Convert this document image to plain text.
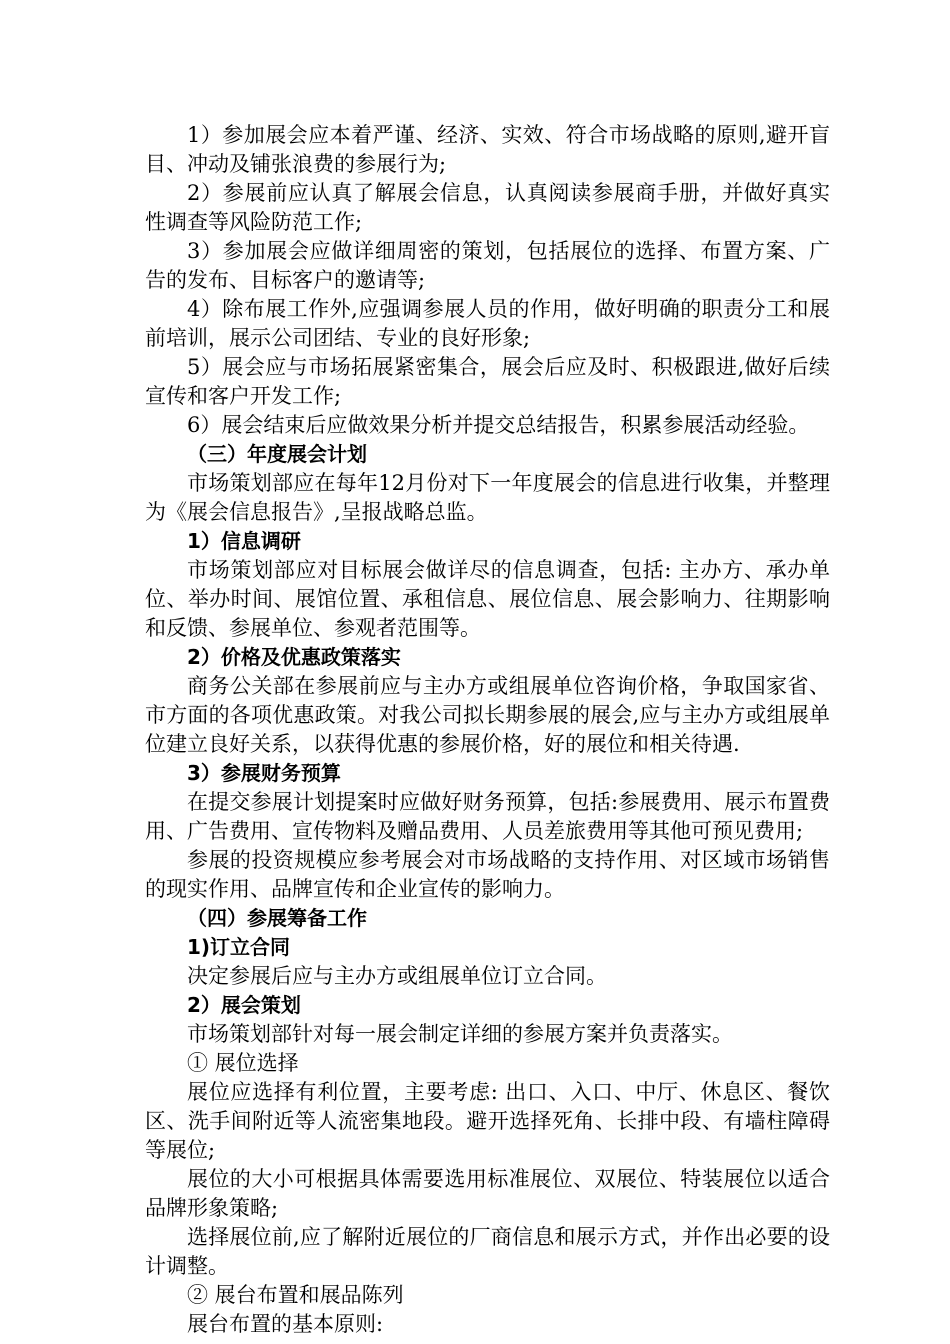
1）参加展会应本着严谨、经济、实效、符合市场战略的原则,避开盲目、冲动及铺张浪费的参展行为;

2）参展前应认真了解展会信息，认真阅读参展商手册，并做好真实性调查等风险防范工作;

3）参加展会应做详细周密的策划，包括展位的选择、布置方案、广告的发布、目标客户的邀请等;

4）除布展工作外,应强调参展人员的作用，做好明确的职责分工和展前培训，展示公司团结、专业的良好形象;

5）展会应与市场拓展紧密集合，展会后应及时、积极跟进,做好后续宣传和客户开发工作;

6）展会结束后应做效果分析并提交总结报告，积累参展活动经验。

（三）年度展会计划

市场策划部应在每年12月份对下一年度展会的信息进行收集，并整理为《展会信息报告》,呈报战略总监。

1）信息调研

市场策划部应对目标展会做详尽的信息调查，包括: 主办方、承办单位、举办时间、展馆位置、承租信息、展位信息、展会影响力、往期影响和反馈、参展单位、参观者范围等。

2）价格及优惠政策落实

商务公关部在参展前应与主办方或组展单位咨询价格，争取国家省、市方面的各项优惠政策。对我公司拟长期参展的展会,应与主办方或组展单位建立良好关系，以获得优惠的参展价格，好的展位和相关待遇.

3）参展财务预算

在提交参展计划提案时应做好财务预算，包括:参展费用、展示布置费用、广告费用、宣传物料及赠品费用、人员差旅费用等其他可预见费用;

参展的投资规模应参考展会对市场战略的支持作用、对区域市场销售的现实作用、品牌宣传和企业宣传的影响力。

（四）参展筹备工作

1)订立合同

决定参展后应与主办方或组展单位订立合同。

2）展会策划

市场策划部针对每一展会制定详细的参展方案并负责落实。

① 展位选择

展位应选择有利位置，主要考虑: 出口、入口、中厅、休息区、餐饮区、洗手间附近等人流密集地段。避开选择死角、长排中段、有墙柱障碍等展位;

展位的大小可根据具体需要选用标准展位、双展位、特装展位以适合品牌形象策略;

选择展位前,应了解附近展位的厂商信息和展示方式，并作出必要的设计调整。

② 展台布置和展品陈列

展台布置的基本原则:
